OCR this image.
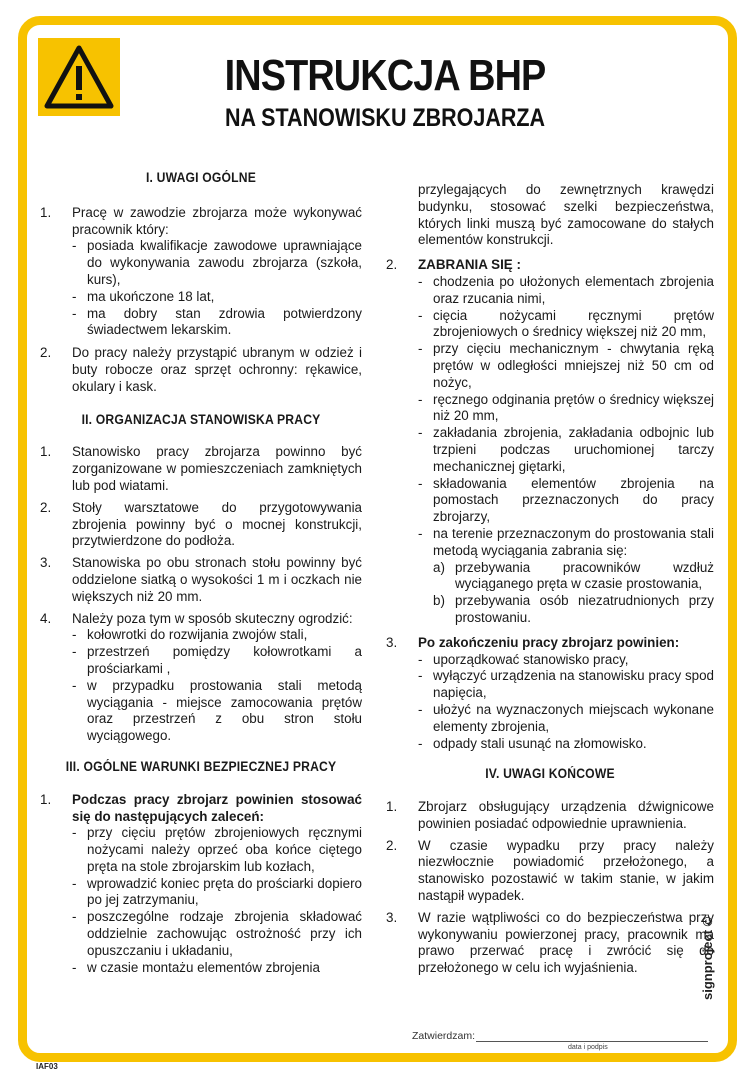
INSTRUKCJA BHP
NA STANOWISKU ZBROJARZA

I. UWAGI OGÓLNE

1.	Pracę w zawodzie zbrojarza może wykonywać pracownik który:
- posiada kwalifikacje zawodowe uprawniające do wykonywania zawodu zbrojarza (szkoła, kurs),
- ma ukończone 18 lat,
- ma dobry stan zdrowia potwierdzony świadectwem lekarskim.
2.	Do pracy należy przystąpić ubranym w odzież i buty robocze oraz sprzęt ochronny: rękawice, okulary i kask.

II. ORGANIZACJA STANOWISKA PRACY

1.	Stanowisko pracy zbrojarza powinno być zorganizowane w pomieszczeniach zamkniętych lub pod wiatami.
2.	Stoły warsztatowe do przygotowywania zbrojenia powinny być o mocnej konstrukcji, przytwierdzone do podłoża.
3.	Stanowiska po obu stronach stołu powinny być oddzielone siatką o wysokości 1 m i oczkach nie większych niż 20 mm.
4.	Należy poza tym w sposób skuteczny ogrodzić:
- kołowrotki do rozwijania zwojów stali,
- przestrzeń pomiędzy kołowrotkami a prościarkami ,
- w przypadku prostowania stali metodą wyciągania - miejsce zamocowania prętów oraz przestrzeń z obu stron stołu wyciągowego.

III. OGÓLNE WARUNKI BEZPIECZNEJ PRACY

1.	Podczas pracy zbrojarz powinien stosować się do następujących zaleceń:
- przy cięciu prętów zbrojeniowych ręcznymi nożycami należy oprzeć oba końce ciętego pręta na stole zbrojarskim lub kozłach,
- wprowadzić koniec pręta do prościarki dopiero po jej zatrzymaniu,
- poszczególne rodzaje zbrojenia składować oddzielnie zachowując ostrożność przy ich opuszczaniu i układaniu,
- w czasie montażu elementów zbrojenia
przylegających do zewnętrznych krawędzi budynku, stosować szelki bezpieczeństwa, których linki muszą być zamocowane do stałych elementów konstrukcji.
2.	ZABRANIA SIĘ :
- chodzenia po ułożonych elementach zbrojenia oraz rzucania nimi,
- cięcia nożycami ręcznymi prętów zbrojeniowych o średnicy większej niż 20 mm,
- przy cięciu mechanicznym - chwytania ręką prętów w odległości mniejszej niż 50 cm od nożyc,
- ręcznego odginania prętów o średnicy większej niż 20 mm,
- zakładania zbrojenia, zakładania odbojnic lub trzpieni podczas uruchomionej tarczy mechanicznej giętarki,
- składowania elementów zbrojenia na pomostach przeznaczonych do pracy zbrojarzy,
- na terenie przeznaczonym do prostowania stali metodą wyciągania zabrania się:
a) przebywania pracowników wzdłuż wyciąganego pręta w czasie prostowania,
b) przebywania osób niezatrudnionych przy prostowaniu.
3.	Po zakończeniu pracy zbrojarz powinien:
- uporządkować stanowisko pracy,
- wyłączyć urządzenia na stanowisku pracy spod napięcia,
- ułożyć na wyznaczonych miejscach wykonane elementy zbrojenia,
- odpady stali usunąć na złomowisko.

IV. UWAGI KOŃCOWE

1.	Zbrojarz obsługujący urządzenia dźwignicowe powinien posiadać odpowiednie uprawnienia.
2.	W czasie wypadku przy pracy należy niezwłocznie powiadomić przełożonego, a stanowisko pozostawić w takim stanie, w jakim nastąpił wypadek.
3.	W razie wątpliwości co do bezpieczeństwa przy wykonywaniu powierzonej pracy, pracownik ma prawo przerwać pracę i zwrócić się do przełożonego w celu ich wyjaśnienia.	signproject ©
Zatwierdzam:
data i podpis
IAF03
